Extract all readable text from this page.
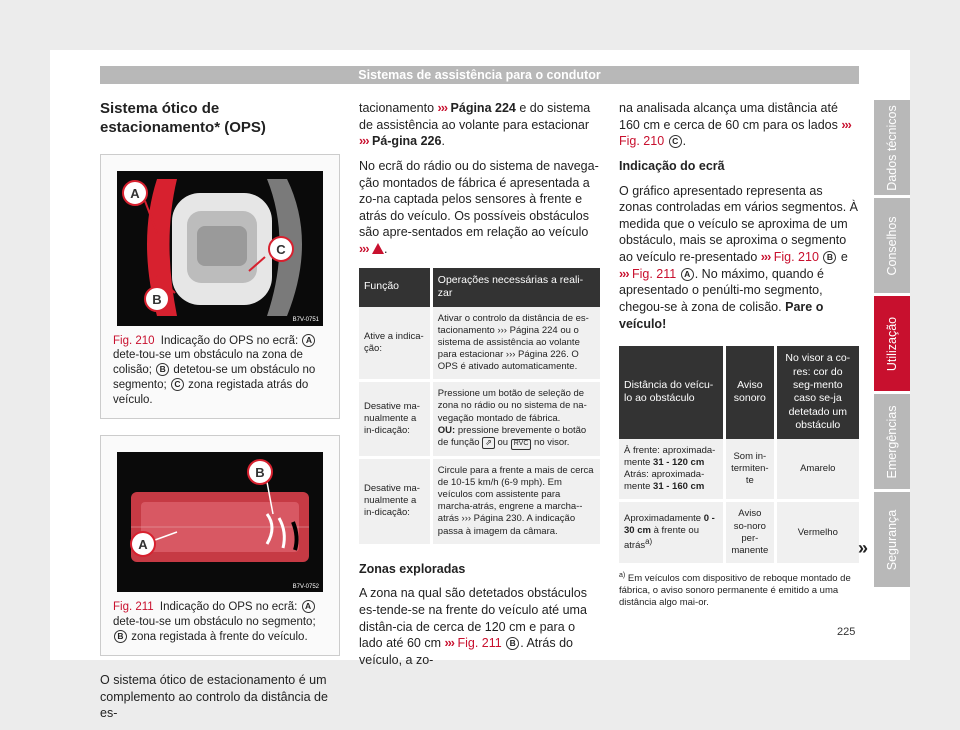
Sistemas de assistência para o condutor
Sistema ótico de estacionamento* (OPS)
A
B
C
B7V-0751
Fig. 210 Indicação do OPS no ecrã: A dete-tou-se um obstáculo na zona de colisão; B detetou-se um obstáculo no segmento; C zona registada atrás do veículo.
B
A
B7V-0752
Fig. 211 Indicação do OPS no ecrã: A dete-tou-se um obstáculo no segmento; B zona registada à frente do veículo.

O sistema ótico de estacionamento é um complemento ao controlo da distância de es-

tacionamento ››› Página 224 e do sistema de assistência ao volante para estacionar ››› Pá-gina 226.

No ecrã do rádio ou do sistema de navega-ção montados de fábrica é apresentada a zo-na captada pelos sensores à frente e atrás do veículo. Os possíveis obstáculos são apre-sentados em relação ao veículo ››› .

Função	Operações necessárias a reali-zar
Ative a indica-ção:	Ativar o controlo da distância de es-tacionamento ››› Página 224 ou o sistema de assistência ao volante para estacionar ››› Página 226. O OPS é ativado automaticamente.
Desative ma-nualmente a in-dicação:	Pressione um botão de seleção de zona no rádio ou no sistema de na-vegação montado de fábrica.
OU: pressione brevemente o botão de função ⇗ ou RVC no visor.
Desative ma-nualmente a in-dicação:	Circule para a frente a mais de cerca de 10-15 km/h (6-9 mph). Em veículos com assistente para marcha-atrás, engrene a marcha--atrás ››› Página 230. A indicação passa à imagem da câmara.

Zonas exploradas

A zona na qual são detetados obstáculos es-tende-se na frente do veículo até uma distân-cia de cerca de 120 cm e para o lado até 60 cm ››› Fig. 211 B . Atrás do veículo, a zo-

na analisada alcança uma distância até 160 cm e cerca de 60 cm para os lados ››› Fig. 210 C .

Indicação do ecrã

O gráfico apresentado representa as zonas controladas em vários segmentos. À medida que o veículo se aproxima de um obstáculo, mais se aproxima o segmento ao veículo re-presentado ››› Fig. 210 B e ››› Fig. 211 A . No máximo, quando é apresentado o penúlti-mo segmento, chegou-se à zona de colisão. Pare o veículo!

Distância do veícu-lo ao obstáculo	Aviso sonoro	No visor a co-res: cor do seg-mento caso se-ja detetado um obstáculo
À frente: aproximada-mente 31 - 120 cm
Atrás: aproximada-mente 31 - 160 cm	Som in-termiten-te	Amarelo
Aproximadamente 0 - 30 cm à frente ou atrás$^{a)}$	Aviso so-noro per-manente	Vermelho

$^{a)}$ Em veículos com dispositivo de reboque montado de fábrica, o aviso sonoro permanente é emitido a uma distância algo mai-or.

»
Dados técnicos
Conselhos
Utilização
Emergências
Segurança
225
